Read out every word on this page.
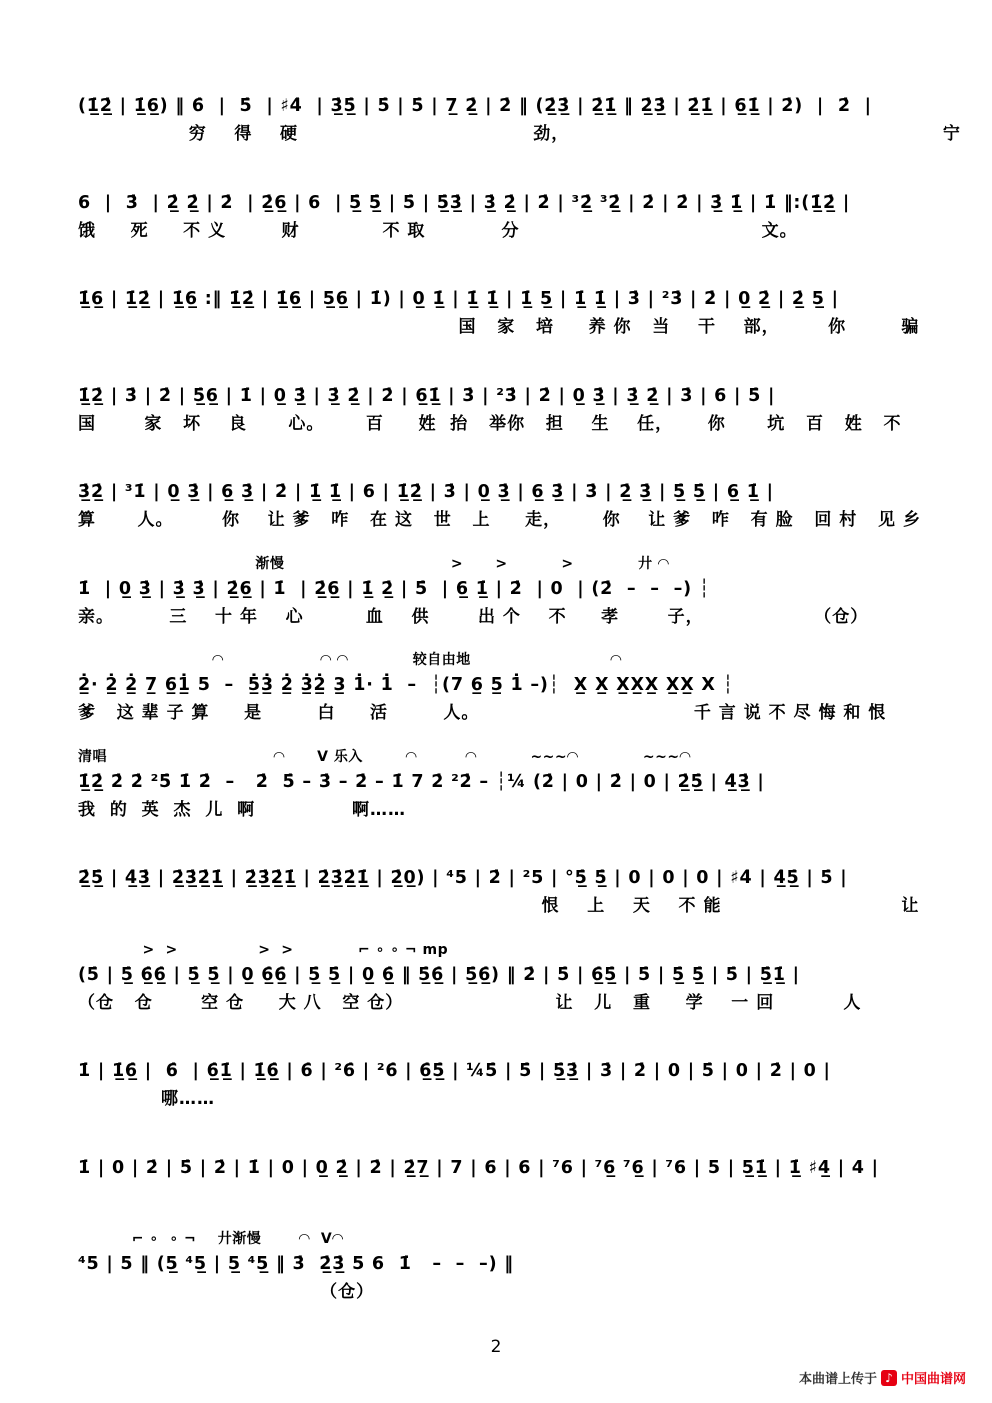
(1̲̇2̲̇ | 1̲̇6̲) ‖ 6̇  |  5̇  | ♯4̇  | 3̲̇5̲̇ | 5̇ | 5̇ | 7̲ 2̲̇ | 2̇ ‖ (2̲̇3̲̇ | 2̲̇1̲̇ ‖ 2̲̇3̲̇ | 2̲̇1̲̇ | 6̲1̲̇ | 2̇)  |  2̇  |
穷    得    硬                                  劲，                                                      宁
6  |  3̇  | 2̲̇ 2̲̇ | 2̇  | 2̲̇6̲ | 6  | 5̲̇ 5̲̇ | 5̇ | 5̲̇3̲̇ | 3̲̇ 2̲̇ | 2̇ | ³2̲̇ ³2̲̇ | 2̇ | 2̇ | 3̲̇ 1̲̇ | 1̇ ‖:(1̲̇2̲̇ |
饿     死     不 义        财            不 取           分                                   文。
1̲̇6̲ | 1̲̇2̲̇ | 1̲̇6̲ :‖ 1̲̇2̲̇ | 1̲̇6̲ | 5̲6̲ | 1̇) | 0̲ 1̲̇ | 1̲̇ 1̲̇ | 1̲̇ 5̲ | 1̲̇ 1̲̇ | 3̇ | ²3̇ | 2̇ | 0̲ 2̲̇ | 2̲̇ 5̲ |
国   家   培     养 你   当    干    部，       你        骗
1̲̇2̲̇ | 3̇ | 2̇ | 5̲̇6̲ | 1̇ | 0̲ 3̲̇ | 3̲̇ 2̲̇ | 2̇ | 6̲1̲̇ | 3̇ | ²3̇ | 2̇ | 0̲ 3̲̇ | 3̲̇ 2̲̇ | 3̇ | 6 | 5̇ |
国       家   坏    良      心。      百     姓  抬   举你   担    生    任，     你      坑   百   姓   不
3̲̇2̲̇ | ³1̇ | 0̲ 3̲̇ | 6̲ 3̲̇ | 2̇ | 1̲̇ 1̲̇ | 6 | 1̲̇2̲̇ | 3̇ | 0̲ 3̲̇ | 6̲ 3̲̇ | 3̇ | 2̲̇ 3̲̇ | 5̲̇ 5̲̇ | 6̲ 1̲̇ |
算      人。       你    让 爹   咋   在 这   世   上     走，      你    让 爹   咋   有 脸   回 村   见 乡
渐慢                               >      >          >            廾 ◠
1̇  | 0̲ 3̲̇ | 3̲̇ 3̲̇ | 2̲̇6̲ | 1̇  | 2̲̇6̲ | 1̲̇ 2̲̇ | 5̇  | 6̲ 1̲̇ | 2̇  | 0  | (2̇  –  –  –) ┆
亲。        三    十 年    心         血    供       出 个    不     孝       子，                （仓）
◠                  ◠ ◠            较自由地                          ◠
2̲̇· 2̲̇ 2̲̇ 7̲ 6̲1̲̇ 5  –  5̲̇3̲̇ 2̲̇ 3̲̇2̲̇ 3̲ 1̇· 1̇  –  ┆(7 6̲ 5̲ 1̇ –)┆  X̲ X̲ X̲X̲X̲ X̲X̲ X ┆
爹   这 辈 子 算     是        白     活        人。                               千 言 说 不 尽 悔 和 恨
清唱                               ◠      V 乐入        ◠         ◠          ~~~◠            ~~~◠
1̲̇2̲̇ 2̇ 2̇ ²5̇ 1̇ 2̇  –   2̇  5̇ – 3̇ – 2̇ – 1̇ 7 2̇ ²2̇ – ┆¼ (2̇ | 0 | 2̇ | 0 | 2̲̇5̲̇ | 4̲̇3̲̇ |
我  的  英  杰  儿  啊              啊……
2̲̇5̲̇ | 4̲̇3̲̇ | 2̲̇3̲̇2̲̇1̲̇ | 2̲̇3̲̇2̲̇1̲̇ | 2̲̇3̲̇2̲̇1̲̇ | 2̲̇0̲) | ⁴5 | 2̇ | ²5 | °5̲̇ 5̲̇ | 0 | 0 | 0 | ♯4̇ | 4̲̇5̲̇ | 5̇ |
恨    上    天    不 能                          让
>  >               >  >            ⌐ ∘ ∘ ¬ mp
(5̇ | 5̲̇ 6̲̇6̲̇ | 5̲̇ 5̲̇ | 0̲ 6̲̇6̲̇ | 5̲̇ 5̲̇ | 0̲ 6̲̇ ‖ 5̲̇6̲̇ | 5̲̇6̲̇) ‖ 2̇ | 5̇ | 6̲̇5̲̇ | 5̇ | 5̲̇ 5̲̇ | 5̇ | 5̲̇1̲̇ |
（仓   仓       空 仓     大 八   空 仓）                      让   儿   重     学    一 回          人
1̇ | 1̲̇6̲̇ |  6̇  | 6̲̇1̲̇ | 1̲̇6̲̇ | 6̇ | ²6̇ | ²6̇ | 6̲̇5̲̇ | ¼5̇ | 5̇ | 5̲̇3̲̇ | 3̇ | 2̇ | 0 | 5̇ | 0 | 2̇ | 0 |
哪……
1̇ | 0 | 2̇ | 5̇ | 2̇ | 1̇ | 0 | 0̲ 2̲̇ | 2̇ | 2̲̇7̲ | 7 | 6 | 6 | ⁷6 | ⁷6̲ ⁷6̲ | ⁷6 | 5 | 5̲1̲̇ | 1̲̇ ♯4̲ | 4 |
⌐ ∘  ∘ ¬    廾渐慢       ◠  V◠
⁴5 | 5 ‖ (5̲ ⁴5̲ | 5̲ ⁴5̲ ‖ 3̇  2̲̇3̲̇ 5 6  1̇   –  –  –) ‖
（仓）
2
本曲谱上传于 ♪ 中国曲谱网
